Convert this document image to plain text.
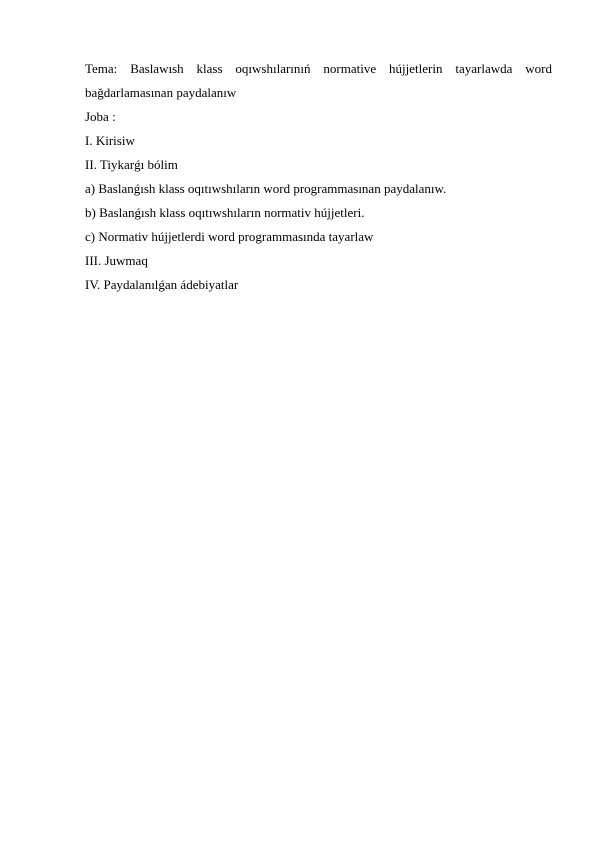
Tema: Baslawısh klass oqıwshılarınıń normative hújjetlerin tayarlawda word bağdarlamasınan paydalanıw

Joba :

I. Kirisiw

II. Tiykarǵı bólim

a) Baslanǵısh klass oqıtıwshıların word programmasınan paydalanıw.

b) Baslanǵısh klass oqıtıwshıların normativ hújjetleri.

c) Normativ hújjetlerdi word programmasında tayarlaw

III. Juwmaq

IV. Paydalanılǵan ádebiyatlar
